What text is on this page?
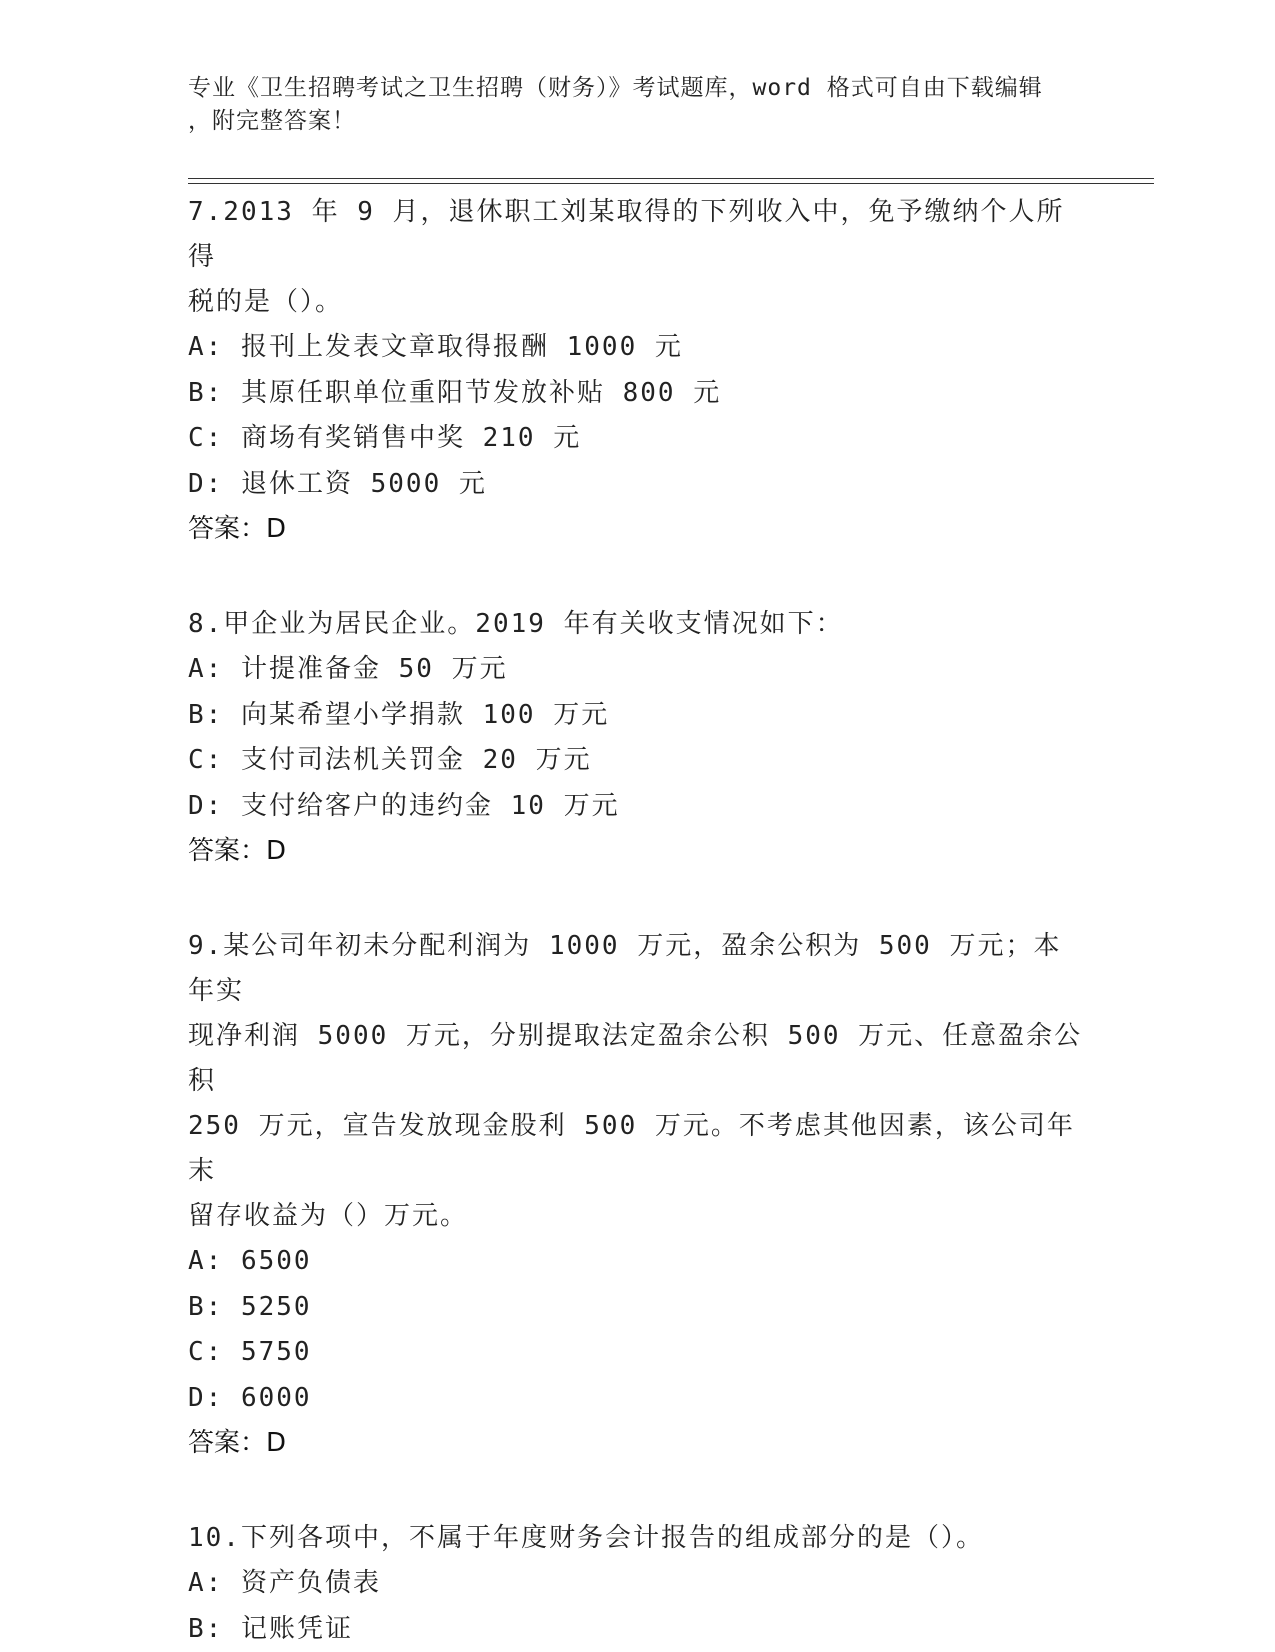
专业《卫生招聘考试之卫生招聘（财务）》考试题库，word 格式可自由下载编辑
，附完整答案！

7.2013 年 9 月，退休职工刘某取得的下列收入中，免予缴纳个人所得

税的是（）。

A: 报刊上发表文章取得报酬 1000 元

B: 其原任职单位重阳节发放补贴 800 元

C: 商场有奖销售中奖 210 元

D: 退休工资 5000 元

答案：D

8.甲企业为居民企业。2019 年有关收支情况如下：

A: 计提准备金 50 万元

B: 向某希望小学捐款 100 万元

C: 支付司法机关罚金 20 万元

D: 支付给客户的违约金 10 万元

答案：D

9.某公司年初未分配利润为 1000 万元，盈余公积为 500 万元；本年实

现净利润 5000 万元，分别提取法定盈余公积 500 万元、任意盈余公积

250 万元，宣告发放现金股利 500 万元。不考虑其他因素，该公司年末

留存收益为（）万元。

A: 6500

B: 5250

C: 5750

D: 6000

答案：D

10.下列各项中，不属于年度财务会计报告的组成部分的是（）。

A: 资产负债表

B: 记账凭证
